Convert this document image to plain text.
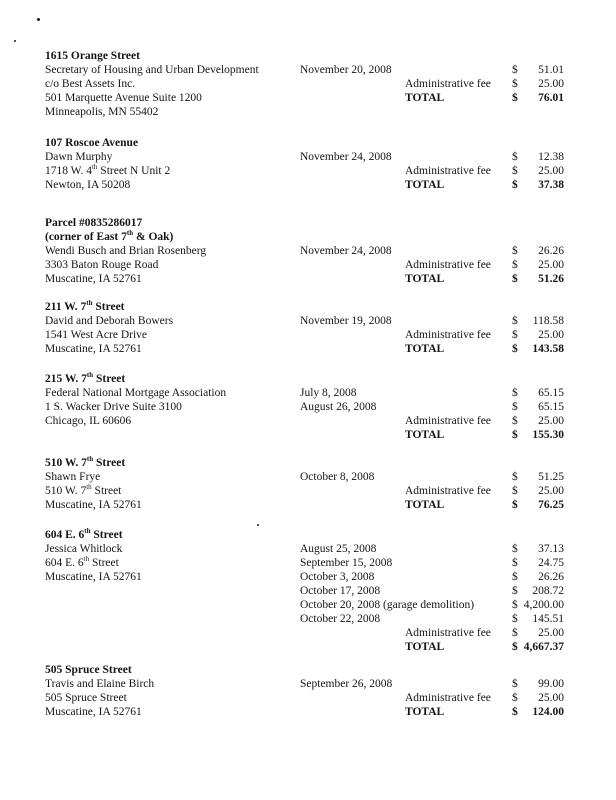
1615 Orange Street
Secretary of Housing and Urban Development	November 20, 2008	$ 51.01
c/o Best Assets Inc.	Administrative fee $ 25.00
501 Marquette Avenue Suite 1200	TOTAL	$ 76.01
Minneapolis, MN 55402
107 Roscoe Avenue
Dawn Murphy	November 24, 2008	$ 12.38
1718 W. 4th Street N Unit 2	Administrative fee $ 25.00
Newton, IA 50208	TOTAL	$ 37.38
Parcel #0835286017
(corner of East 7th & Oak)
Wendi Busch and Brian Rosenberg	November 24, 2008	$ 26.26
3303 Baton Rouge Road	Administrative fee $ 25.00
Muscatine, IA 52761	TOTAL	$ 51.26
211 W. 7th Street
David and Deborah Bowers	November 19, 2008	$ 118.58
1541 West Acre Drive	Administrative fee $ 25.00
Muscatine, IA 52761	TOTAL	$ 143.58
215 W. 7th Street
Federal National Mortgage Association	July 8, 2008	$ 65.15
1 S. Wacker Drive Suite 3100	August 26, 2008	$ 65.15
Chicago, IL 60606	Administrative fee $ 25.00
TOTAL	$ 155.30
510 W. 7th Street
Shawn Frye	October 8, 2008	$ 51.25
510 W. 7th Street	Administrative fee $ 25.00
Muscatine, IA 52761	TOTAL	$ 76.25
604 E. 6th Street
Jessica Whitlock	August 25, 2008	$ 37.13
604 E. 6th Street	September 15, 2008	$ 24.75
Muscatine, IA 52761	October 3, 2008	$ 26.26
October 17, 2008	$ 208.72
October 20, 2008 (garage demolition)	$ 4,200.00
October 22, 2008	$ 145.51
Administrative fee $ 25.00
TOTAL	$ 4,667.37
505 Spruce Street
Travis and Elaine Birch	September 26, 2008	$ 99.00
505 Spruce Street	Administrative fee $ 25.00
Muscatine, IA 52761	TOTAL	$ 124.00
